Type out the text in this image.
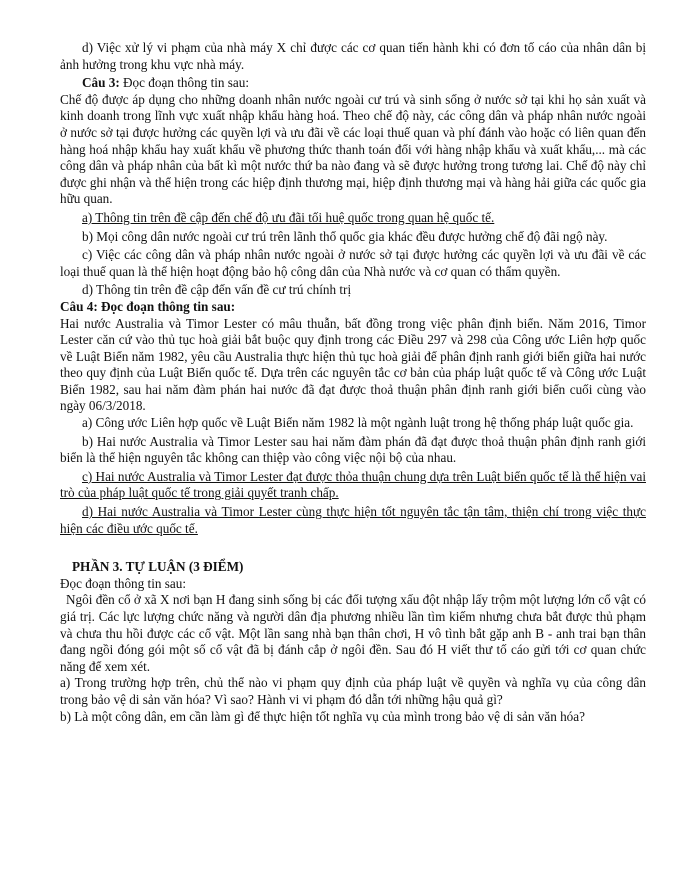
d) Việc xử lý vi phạm của nhà máy X chỉ được các cơ quan tiến hành khi có đơn tố cáo của nhân dân bị ảnh hưởng trong khu vực nhà máy.

Câu 3: Đọc đoạn thông tin sau:

Chế độ được áp dụng cho những doanh nhân nước ngoài cư trú và sinh sống ở nước sở tại khi họ sản xuất và kinh doanh trong lĩnh vực xuất nhập khẩu hàng hoá. Theo chế độ này, các công dân và pháp nhân nước ngoài ở nước sở tại được hưởng các quyền lợi và ưu đãi về các loại thuế quan và phí đánh vào hoặc có liên quan đến hàng hoá nhập khẩu hay xuất khẩu về phương thức thanh toán đối với hàng nhập khẩu và xuất khẩu,... mà các công dân và pháp nhân của bất kì một nước thứ ba nào đang và sẽ được hưởng trong tương lai. Chế độ này chỉ được ghi nhận và thể hiện trong các hiệp định thương mại, hiệp định thương mại và hàng hải giữa các quốc gia hữu quan.

a) Thông tin trên đề cập đến chế độ ưu đãi tối huệ quốc trong quan hệ quốc tế.

b) Mọi công dân nước ngoài cư trú trên lãnh thổ quốc gia khác đều được hưởng chế độ đãi ngộ này.

c) Việc các công dân và pháp nhân nước ngoài ở nước sở tại được hưởng các quyền lợi và ưu đãi về các loại thuế quan là thể hiện hoạt động bảo hộ công dân của Nhà nước và cơ quan có thẩm quyền.

d) Thông tin trên đề cập đến vấn đề cư trú chính trị

Câu 4: Đọc đoạn thông tin sau:

Hai nước Australia và Timor Lester có mâu thuẫn, bất đồng trong việc phân định biển. Năm 2016, Timor Lester căn cứ vào thủ tục hoà giải bắt buộc quy định trong các Điều 297 và 298 của Công ước Liên hợp quốc về Luật Biển năm 1982, yêu cầu Australia thực hiện thủ tục hoà giải để phân định ranh giới biển giữa hai nước theo quy định của Luật Biển quốc tế. Dựa trên các nguyên tắc cơ bản của pháp luật quốc tế và Công ước Luật Biển 1982, sau hai năm đàm phán hai nước đã đạt được thoả thuận phân định ranh giới biển cuối cùng vào ngày 06/3/2018.

a) Công ước Liên hợp quốc về Luật Biển năm 1982 là một ngành luật trong hệ thống pháp luật quốc gia.

b) Hai nước Australia và Timor Lester sau hai năm đàm phán đã đạt được thoả thuận phân định ranh giới biển là thể hiện nguyên tắc không can thiệp vào công việc nội bộ của nhau.

c) Hai nước Australia và Timor Lester đạt được thỏa thuận chung dựa trên Luật biển quốc tế là thể hiện vai trò của pháp luật quốc tế trong giải quyết tranh chấp.

d) Hai nước Australia và Timor Lester cùng thực hiện tốt nguyên tắc tận tâm, thiện chí trong việc thực hiện các điều ước quốc tế.

PHẦN 3. TỰ LUẬN (3 ĐIỂM)

Đọc đoạn thông tin sau:

Ngôi đền cổ ở xã X nơi bạn H đang sinh sống bị các đối tượng xấu đột nhập lấy trộm một lượng lớn cổ vật có giá trị. Các lực lượng chức năng và người dân địa phương nhiều lần tìm kiếm nhưng chưa bắt được thủ phạm và chưa thu hồi được các cổ vật. Một lần sang nhà bạn thân chơi, H vô tình bắt gặp anh B - anh trai bạn thân đang ngồi đóng gói một số cổ vật đã bị đánh cắp ở ngôi đền. Sau đó H viết thư tố cáo gửi tới cơ quan chức năng để xem xét.

a) Trong trường hợp trên, chủ thể nào vi phạm quy định của pháp luật về quyền và nghĩa vụ của công dân trong bảo vệ di sản văn hóa? Vì sao? Hành vi vi phạm đó dẫn tới những hậu quả gì?

b) Là một công dân, em cần làm gì để thực hiện tốt nghĩa vụ của mình trong bảo vệ di sản văn hóa?
